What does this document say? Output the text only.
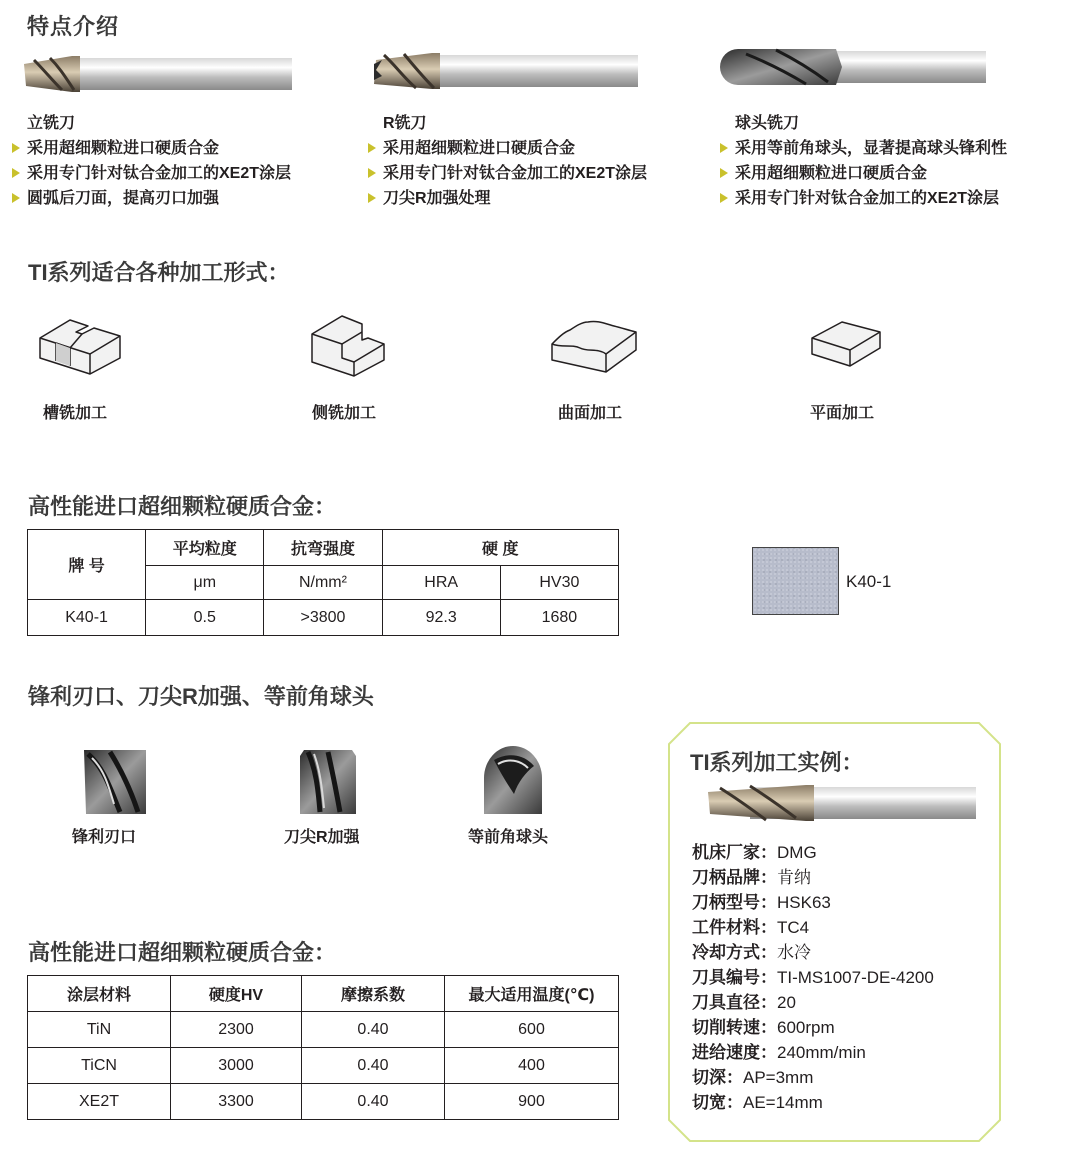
特点介绍
立铣刀
采用超细颗粒进口硬质合金
采用专门针对钛合金加工的XE2T涂层
圆弧后刀面，提高刃口加强
R铣刀
采用超细颗粒进口硬质合金
采用专门针对钛合金加工的XE2T涂层
刀尖R加强处理
球头铣刀
采用等前角球头，显著提高球头锋利性
采用超细颗粒进口硬质合金
采用专门针对钛合金加工的XE2T涂层
TI系列适合各种加工形式：
槽铣加工	侧铣加工	曲面加工	平面加工
高性能进口超细颗粒硬质合金：
牌 号	平均粒度	抗弯强度	硬 度	
	μm	N/mm²	HRA	HV30
K40-1	0.5	>3800	92.3	1680
K40-1
锋利刃口、刀尖R加强、等前角球头
锋利刃口	刀尖R加强	等前角球头
高性能进口超细颗粒硬质合金：
涂层材料	硬度HV	摩擦系数	最大适用温度(℃)
TiN	2300	0.40	600
TiCN	3000	0.40	400
XE2T	3300	0.40	900
TI系列加工实例：
机床厂家：DMG
刀柄品牌：肯纳
刀柄型号：HSK63
工件材料：TC4
冷却方式：水冷
刀具编号：TI-MS1007-DE-4200
刀具直径：20
切削转速：600rpm
进给速度：240mm/min
切深：AP=3mm
切宽：AE=14mm
